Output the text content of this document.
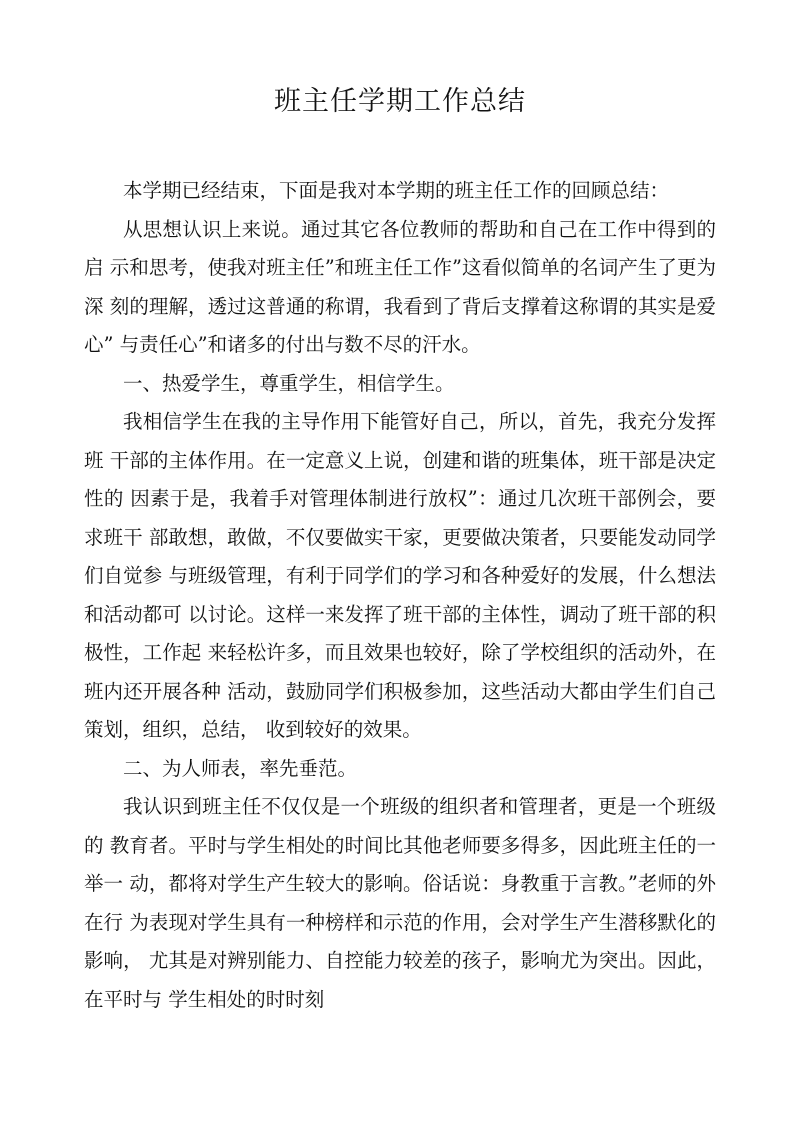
班主任学期工作总结

本学期已经结束，下面是我对本学期的班主任工作的回顾总结：

从思想认识上来说。通过其它各位教师的帮助和自己在工作中得到的启 示和思考，使我对班主任”和班主任工作”这看似简单的名词产生了更为深 刻的理解，透过这普通的称谓，我看到了背后支撑着这称谓的其实是爱心” 与责任心”和诸多的付出与数不尽的汗水。

一、热爱学生，尊重学生，相信学生。

我相信学生在我的主导作用下能管好自己，所以，首先，我充分发挥班 干部的主体作用。在一定意义上说，创建和谐的班集体，班干部是决定性的 因素于是，我着手对管理体制进行放权”：通过几次班干部例会，要求班干 部敢想，敢做，不仅要做实干家，更要做决策者，只要能发动同学们自觉参 与班级管理，有利于同学们的学习和各种爱好的发展，什么想法和活动都可 以讨论。这样一来发挥了班干部的主体性，调动了班干部的积极性，工作起 来轻松许多，而且效果也较好，除了学校组织的活动外，在班内还开展各种 活动，鼓励同学们积极参加，这些活动大都由学生们自己策划，组织，总结， 收到较好的效果。

二、为人师表，率先垂范。

我认识到班主任不仅仅是一个班级的组织者和管理者，更是一个班级的 教育者。平时与学生相处的时间比其他老师要多得多，因此班主任的一举一 动，都将对学生产生较大的影响。俗话说：身教重于言教。”老师的外在行 为表现对学生具有一种榜样和示范的作用，会对学生产生潜移默化的影响， 尤其是对辨别能力、自控能力较差的孩子，影响尤为突出。因此，在平时与 学生相处的时时刻
